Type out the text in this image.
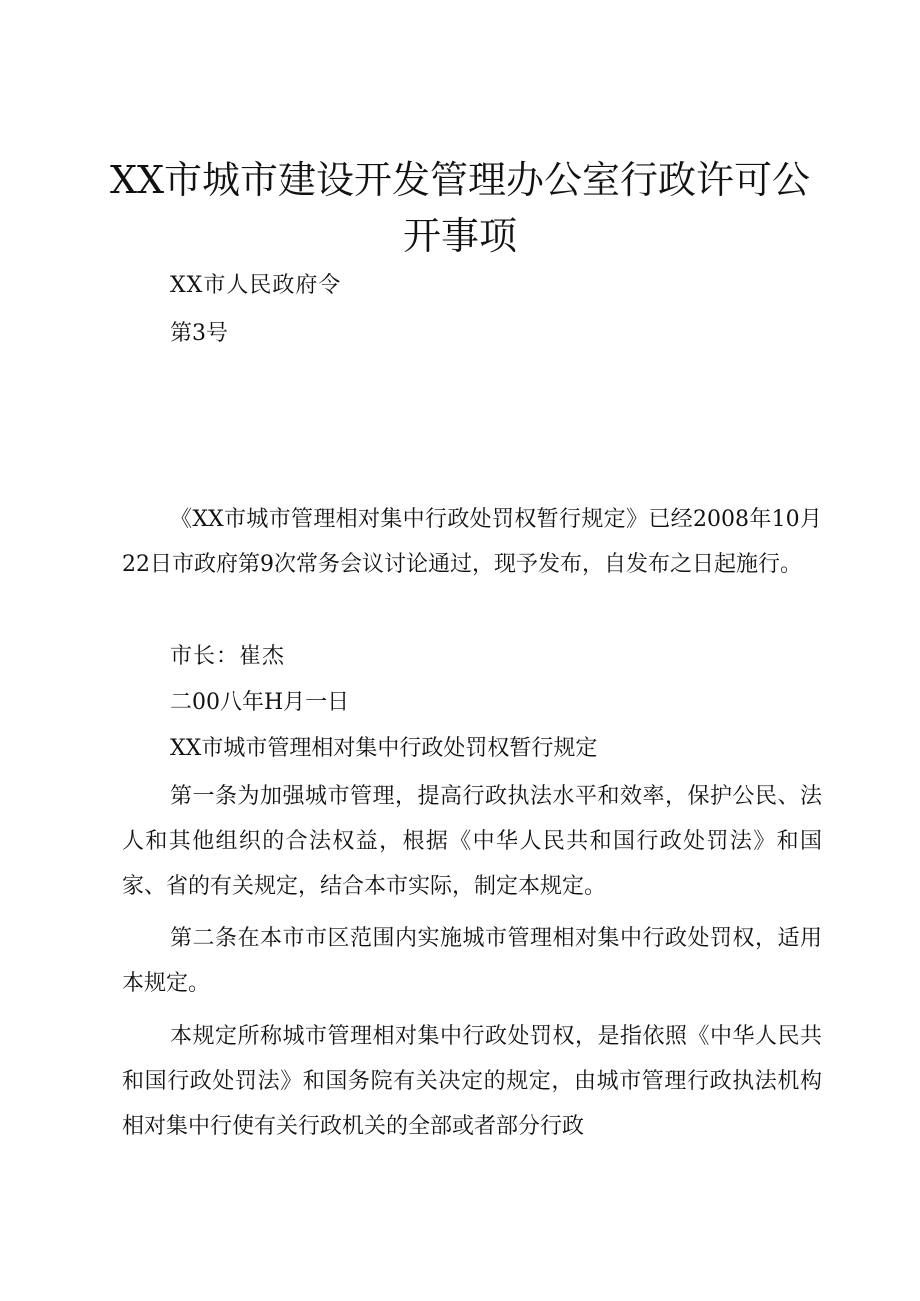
XX市城市建设开发管理办公室行政许可公开事项

XX市人民政府令

第3号

《XX市城市管理相对集中行政处罚权暂行规定》已经2008年10月22日市政府第9次常务会议讨论通过，现予发布，自发布之日起施行。

市长：崔杰

二00八年H月一日

XX市城市管理相对集中行政处罚权暂行规定

第一条为加强城市管理，提高行政执法水平和效率，保护公民、法人和其他组织的合法权益，根据《中华人民共和国行政处罚法》和国家、省的有关规定，结合本市实际，制定本规定。

第二条在本市市区范围内实施城市管理相对集中行政处罚权，适用本规定。

本规定所称城市管理相对集中行政处罚权，是指依照《中华人民共和国行政处罚法》和国务院有关决定的规定，由城市管理行政执法机构相对集中行使有关行政机关的全部或者部分行政
